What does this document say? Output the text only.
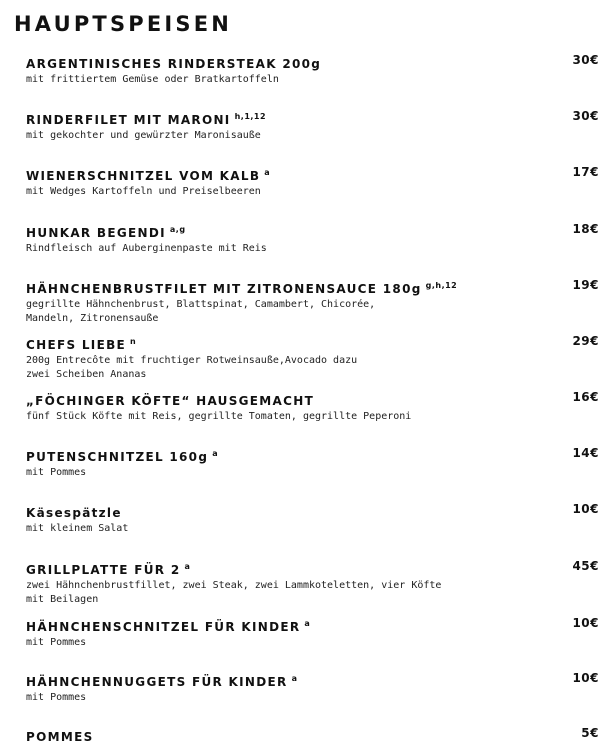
HAUPTSPEISEN
ARGENTINISCHES RINDERSTEAK 200g
mit frittiertem Gemüse oder Bratkartoffeln
30€
RINDERFILET MIT MARONI $^{h,1,12}$
mit gekochter und gewürzter Maronisauße
30€
WIENERSCHNITZEL VOM KALB $^a$
mit Wedges Kartoffeln und Preiselbeeren
17€
HUNKAR BEGENDI $^{a,g}$
Rindfleisch auf Auberginenpaste mit Reis
18€
HÄHNCHENBRUSTFILET MIT ZITRONENSAUCE 180g $^{g,h,12}$
gegrillte Hähnchenbrust, Blattspinat, Camambert, Chicorée,
Mandeln, Zitronensauße
19€
CHEFS LIEBE $^n$
200g Entrecôte mit fruchtiger Rotweinsauße,Avocado dazu
zwei Scheiben Ananas
29€
„FÖCHINGER KÖFTE“ HAUSGEMACHT
fünf Stück Köfte mit Reis, gegrillte Tomaten, gegrillte Peperoni
16€
PUTENSCHNITZEL 160g $^a$
mit Pommes
14€
Käsespätzle
mit kleinem Salat
10€
GRILLPLATTE FÜR 2 $^a$
zwei Hähnchenbrustfillet, zwei Steak, zwei Lammkoteletten, vier Köfte
mit Beilagen
45€
HÄHNCHENSCHNITZEL FÜR KINDER $^a$
mit Pommes
10€
HÄHNCHENNUGGETS FÜR KINDER $^a$
mit Pommes
10€
POMMES	5€
